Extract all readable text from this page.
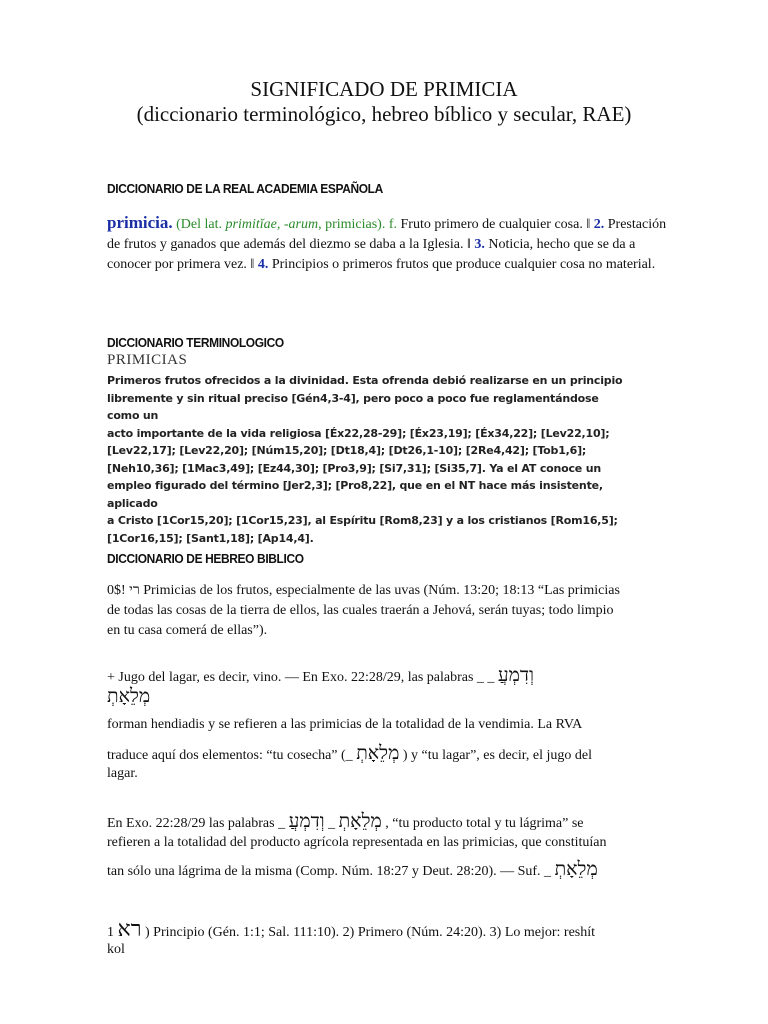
SIGNIFICADO DE PRIMICIA
(diccionario terminológico, hebreo bíblico y secular, RAE)
DICCIONARIO DE LA REAL ACADEMIA ESPAÑOLA
primicia. (Del lat. primitĭae, -arum, primicias). f. Fruto primero de cualquier cosa. ‖ 2. Prestación de frutos y ganados que además del diezmo se daba a la Iglesia. ‖ 3. Noticia, hecho que se da a conocer por primera vez. ‖ 4. Principios o primeros frutos que produce cualquier cosa no material.
DICCIONARIO TERMINOLOGICO
PRIMICIAS
Primeros frutos ofrecidos a la divinidad. Esta ofrenda debió realizarse en un principio
libremente y sin ritual preciso [Gén4,3-4], pero poco a poco fue reglamentándose como un
acto importante de la vida religiosa [Éx22,28-29]; [Éx23,19]; [Éx34,22]; [Lev22,10];
[Lev22,17]; [Lev22,20]; [Núm15,20]; [Dt18,4]; [Dt26,1-10]; [2Re4,42]; [Tob1,6];
[Neh10,36]; [1Mac3,49]; [Ez44,30]; [Pro3,9]; [Si7,31]; [Si35,7]. Ya el AT conoce un
empleo figurado del término [Jer2,3]; [Pro8,22], que en el NT hace más insistente, aplicado
a Cristo [1Cor15,20]; [1Cor15,23], al Espíritu [Rom8,23] y a los cristianos [Rom16,5];
[1Cor16,15]; [Sant1,18]; [Ap14,4].
DICCIONARIO DE HEBREO BIBLICO
0$! רי Primicias de los frutos, especialmente de las uvas (Núm. 13:20; 18:13 “Las primicias
de todas las cosas de la tierra de ellos, las cuales traerán a Jehová, serán tuyas; todo limpio
en tu casa comerá de ellas”).
+ Jugo del lagar, es decir, vino. — En Exo. 22:28/29, las palabras _ _ וְדִמְעֲ
מְלֵאָתְ
forman hendiadis y se refieren a las primicias de la totalidad de la vendimia. La RVA
traduce aquí dos elementos: “tu cosecha” (_ מְלֵאָתְ ) y “tu lagar”, es decir, el jugo del
lagar.
En Exo. 22:28/29 las palabras _ וְדִמְעֲ _ מְלֵאָתְ , “tu producto total y tu lágrima” se
refieren a la totalidad del producto agrícola representada en las primicias, que constituían
tan sólo una lágrima de la misma (Comp. Núm. 18:27 y Deut. 28:20). — Suf. _ מְלֵאָתְ
1 רא ) Principio (Gén. 1:1; Sal. 111:10). 2) Primero (Núm. 24:20). 3) Lo mejor: reshít
kol
